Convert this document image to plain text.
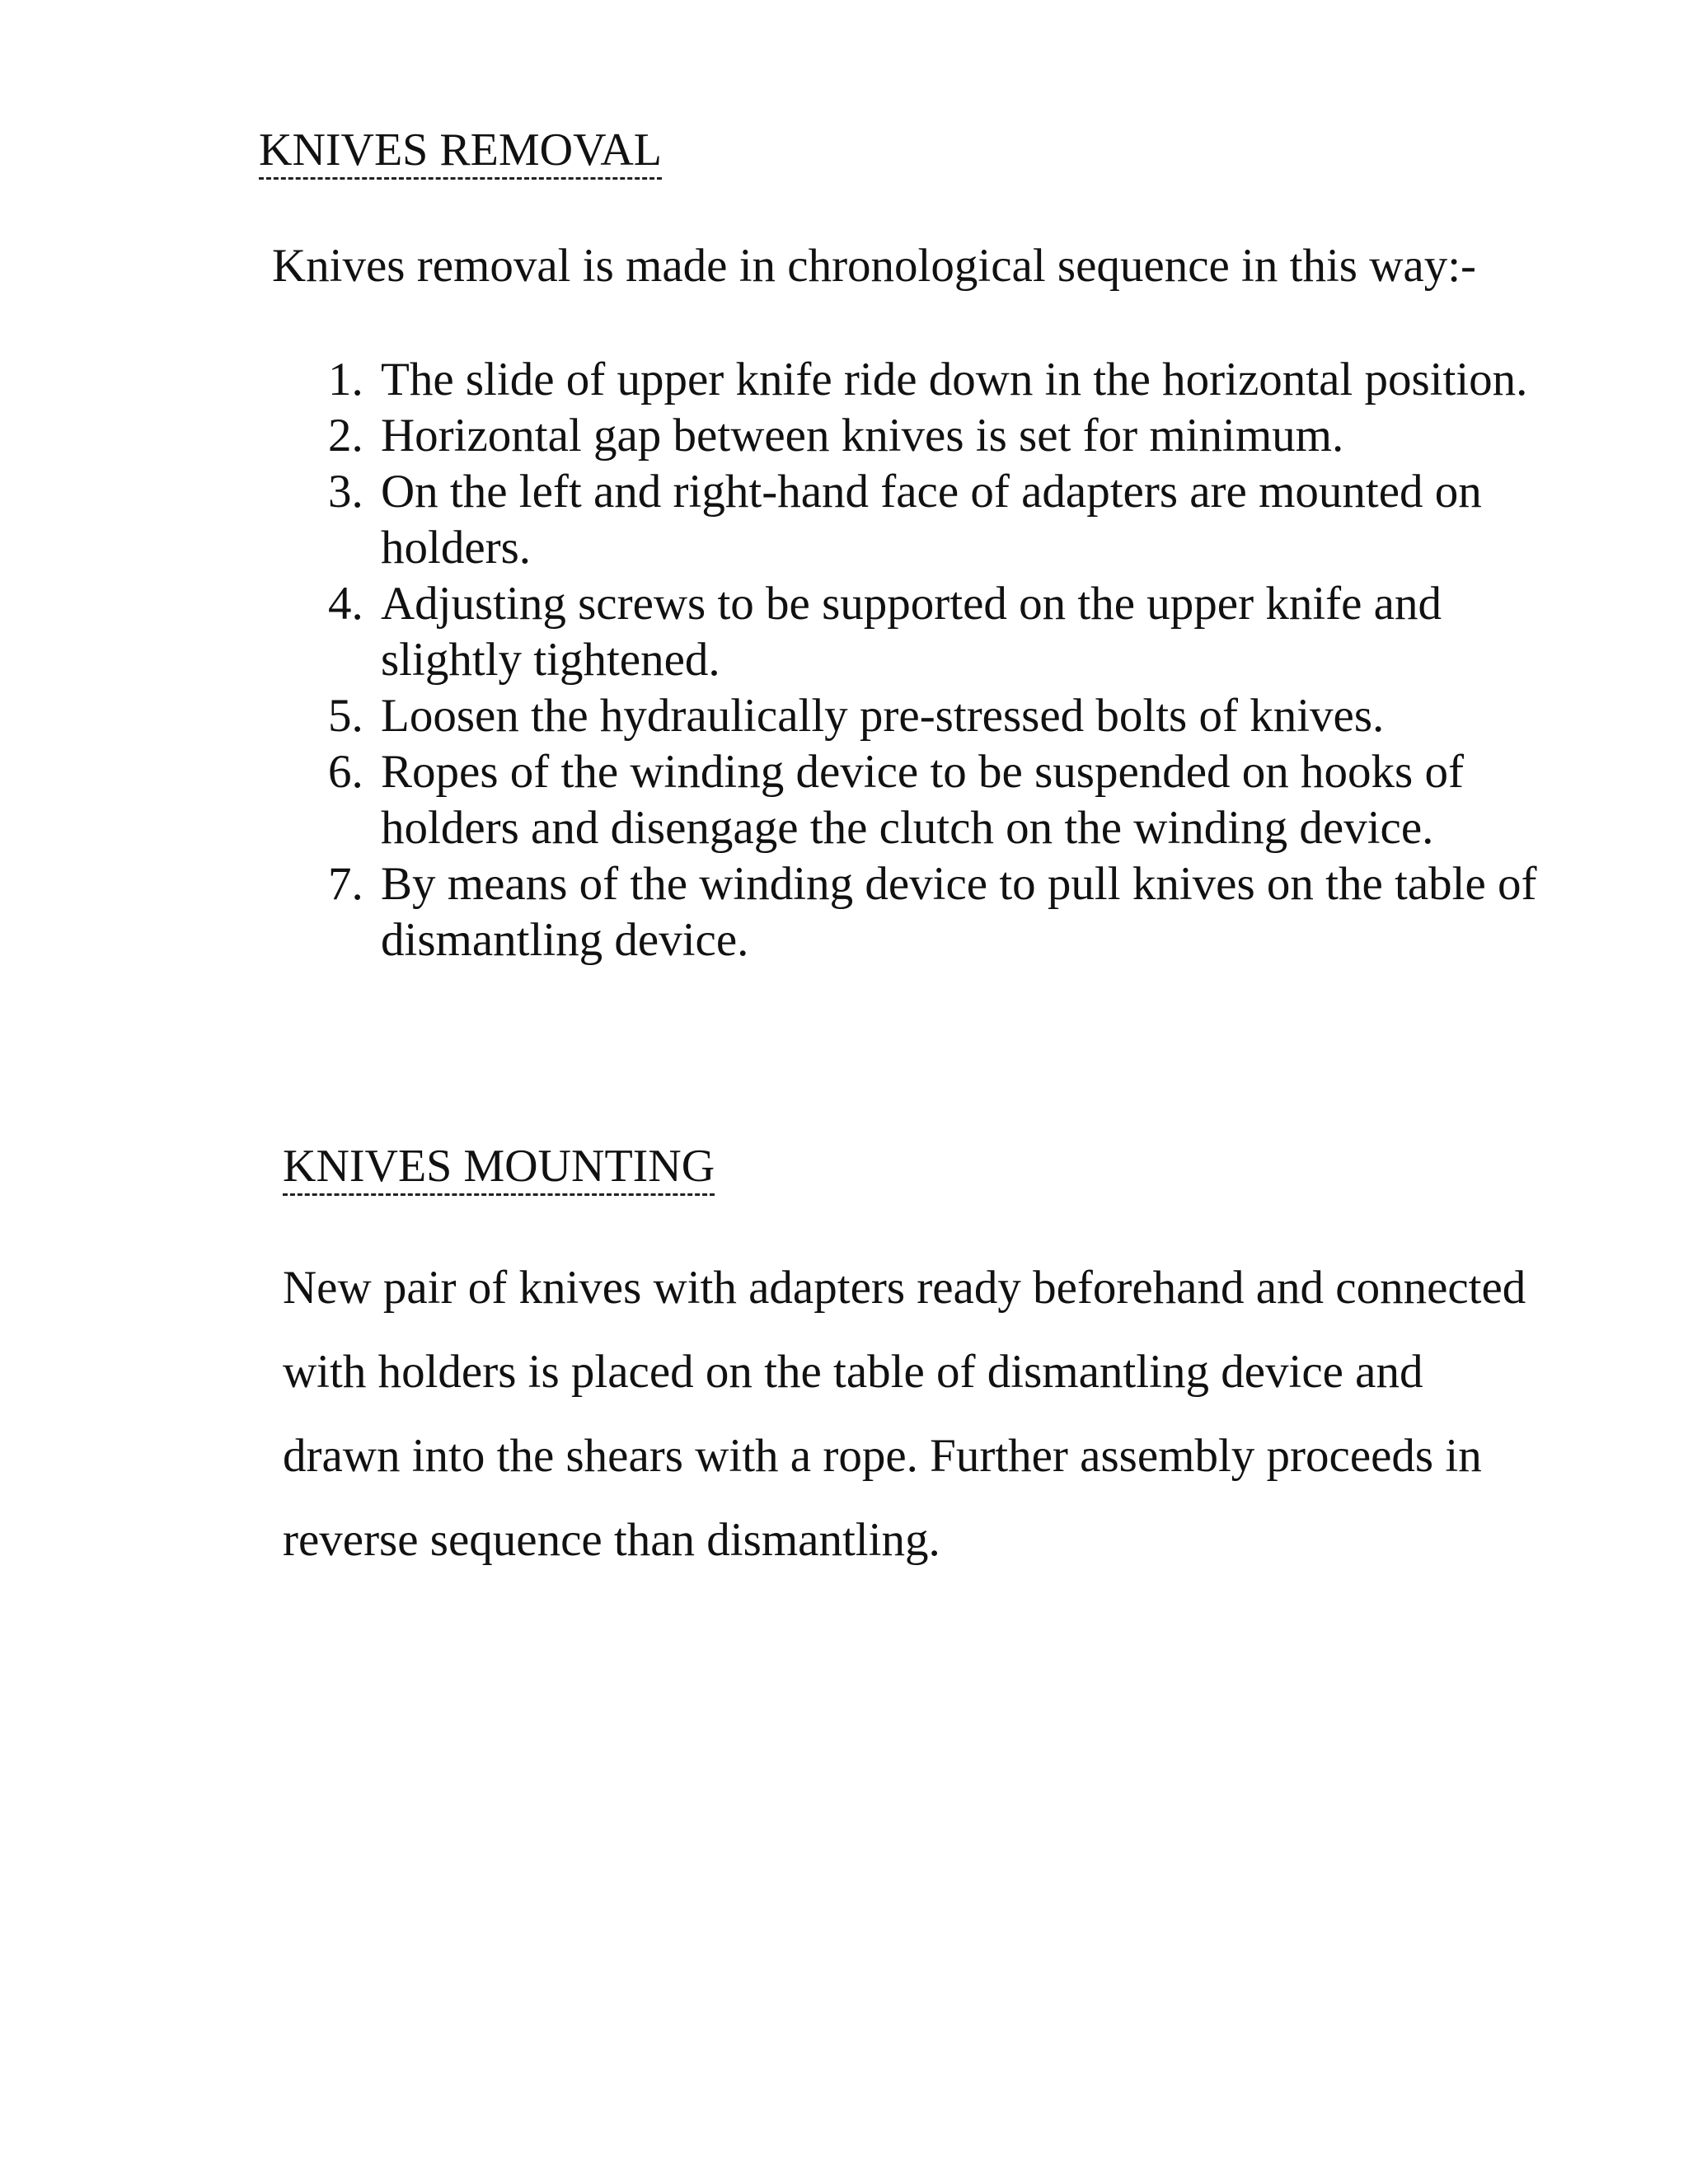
KNIVES REMOVAL

Knives removal is made in chronological sequence in this way:-

1. The slide of upper knife ride down in the horizontal position.
2. Horizontal gap between knives is set for minimum.
3. On the left and right-hand face of adapters are mounted on holders.
4. Adjusting screws to be supported on the upper knife and slightly tightened.
5. Loosen the hydraulically pre-stressed bolts of knives.
6. Ropes of the winding device to be suspended on hooks of holders and disengage the clutch on the winding device.
7. By means of the winding device to pull knives on the table of dismantling device.
KNIVES MOUNTING

New pair of knives with adapters ready beforehand and connected with holders is placed on the table of dismantling device and drawn into the shears with a rope. Further assembly proceeds in reverse sequence than dismantling.
